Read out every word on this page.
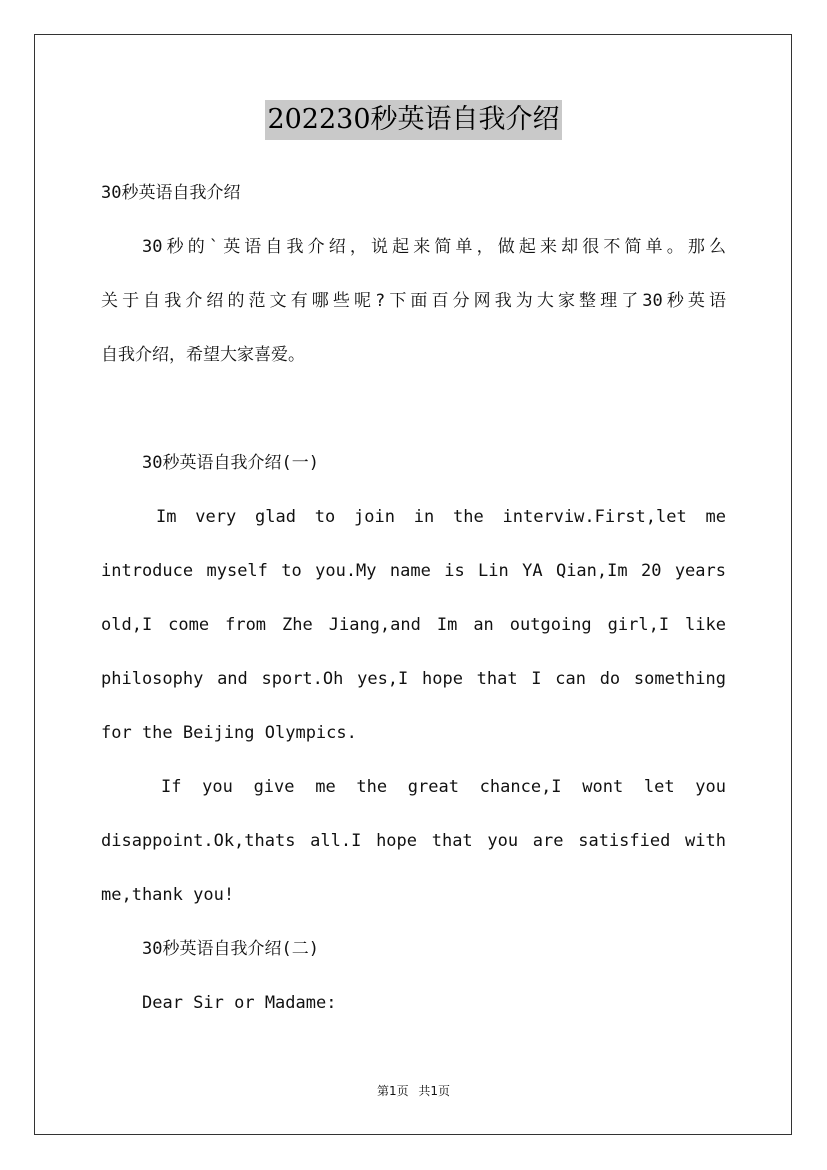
202230秒英语自我介绍
30秒英语自我介绍
30秒的`英语自我介绍，说起来简单，做起来却很不简单。那么
关于自我介绍的范文有哪些呢?下面百分网我为大家整理了30秒英语
自我介绍，希望大家喜爱。
30秒英语自我介绍(一)
Im very glad to join in the interviw.First,let me
introduce myself to you.My name is Lin YA Qian,Im 20 years
old,I come from Zhe Jiang,and Im an outgoing girl,I like
philosophy and sport.Oh yes,I hope that I can do something
for the Beijing Olympics.
If you give me the great chance,I wont let you
disappoint.Ok,thats all.I hope that you are satisfied with
me,thank you!
30秒英语自我介绍(二)
Dear Sir or Madame:
第1页 共1页
